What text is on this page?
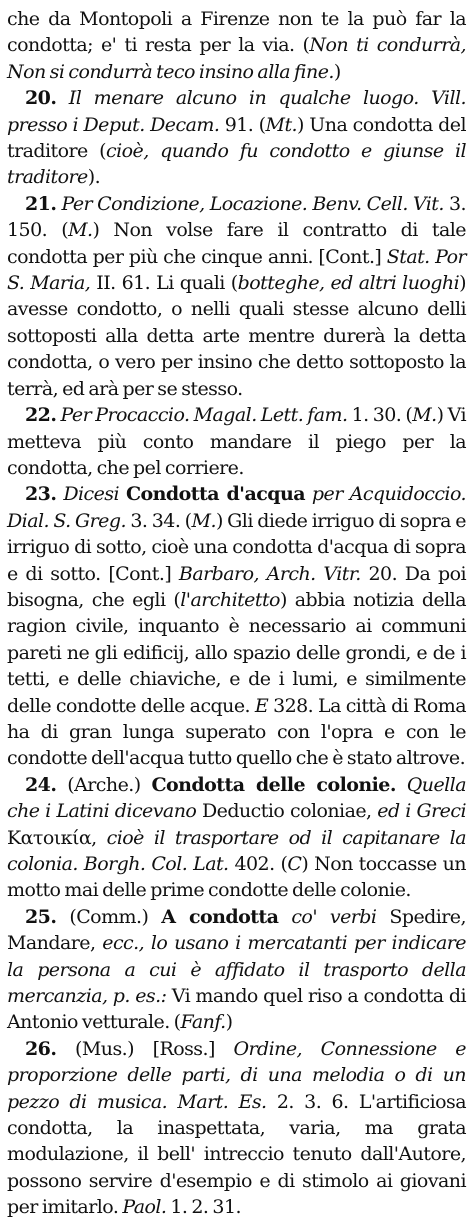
che da Montopoli a Firenze non te la può far la condotta; e' ti resta per la via. (Non ti condurrà, Non si condurrà teco insino alla fine.)

20. Il menare alcuno in qualche luogo. Vill. presso i Deput. Decam. 91. (Mt.) Una condotta del traditore (cioè, quando fu condotto e giunse il traditore).

21. Per Condizione, Locazione. Benv. Cell. Vit. 3. 150. (M.) Non volse fare il contratto di tale condotta per più che cinque anni. [Cont.] Stat. Por S. Maria, II. 61. Li quali (botteghe, ed altri luoghi) avesse condotto, o nelli quali stesse alcuno delli sottoposti alla detta arte mentre durerà la detta condotta, o vero per insino che detto sottoposto la terrà, ed arà per se stesso.

22. Per Procaccio. Magal. Lett. fam. 1. 30. (M.) Vi metteva più conto mandare il piego per la condotta, che pel corriere.

23. Dicesi Condotta d'acqua per Acquidoccio. Dial. S. Greg. 3. 34. (M.) Gli diede irriguo di sopra e irriguo di sotto, cioè una condotta d'acqua di sopra e di sotto. [Cont.] Barbaro, Arch. Vitr. 20. Da poi bisogna, che egli (l'architetto) abbia notizia della ragion civile, inquanto è necessario ai communi pareti ne gli edificij, allo spazio delle grondi, e de i tetti, e delle chiaviche, e de i lumi, e similmente delle condotte delle acque. E 328. La città di Roma ha di gran lunga superato con l'opra e con le condotte dell'acqua tutto quello che è stato altrove.

24. (Arche.) Condotta delle colonie. Quella che i Latini dicevano Deductio coloniae, ed i Greci Κατοικία, cioè il trasportare od il capitanare la colonia. Borgh. Col. Lat. 402. (C) Non toccasse un motto mai delle prime condotte delle colonie.

25. (Comm.) A condotta co' verbi Spedire, Mandare, ecc., lo usano i mercatanti per indicare la persona a cui è affidato il trasporto della mercanzia, p. es.: Vi mando quel riso a condotta di Antonio vetturale. (Fanf.)

26. (Mus.) [Ross.] Ordine, Connessione e proporzione delle parti, di una melodia o di un pezzo di musica. Mart. Es. 2. 3. 6. L'artificiosa condotta, la inaspettata, varia, ma grata modulazione, il bell' intreccio tenuto dall'Autore, possono servire d'esempio e di stimolo ai giovani per imitarlo. Paol. 1. 2. 31.
